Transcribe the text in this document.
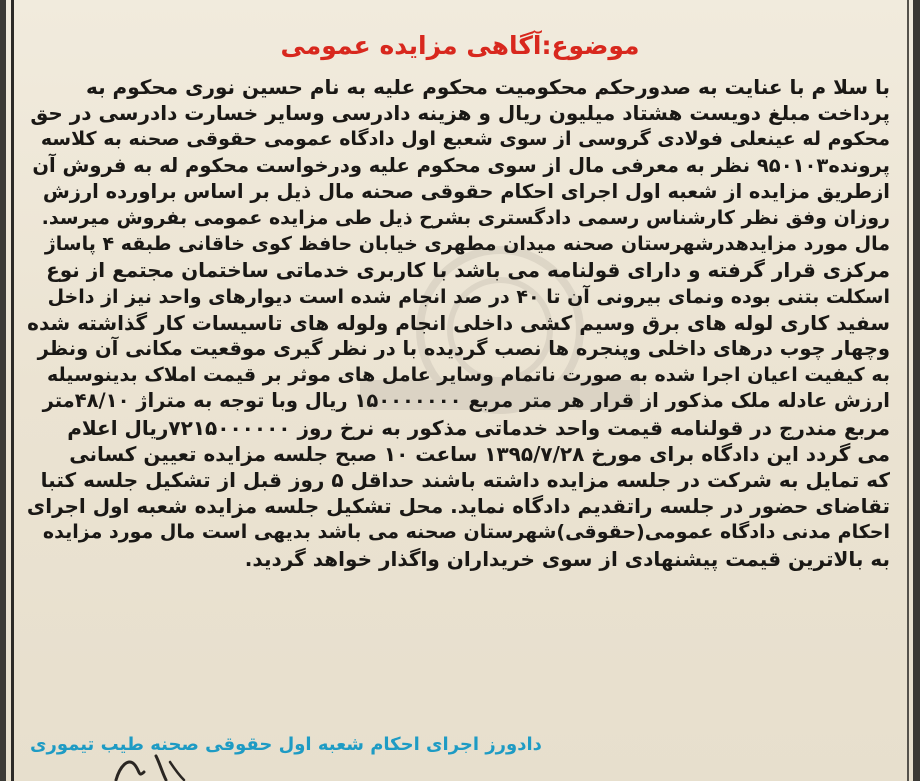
موضوع:آگاهی مزایده عمومی
با سلا م با عنایت به صدورحکم محکومیت محکوم علیه به نام حسین نوری محکوم به
پرداخت مبلغ دویست هشتاد میلیون ریال و هزینه دادرسی وسایر خسارت دادرسی در حق
محکوم له عینعلی فولادی گروسی از سوی شعبع اول دادگاه عمومی حقوقی صحنه به کلاسه
پرونده۹۵۰۱۰۳ نظر به معرفی مال از سوی محکوم علیه ودرخواست محکوم له به فروش آن
ازطریق مزایده از شعبه اول اجرای احکام حقوقی صحنه مال ذیل بر اساس براورده ارزش
روزان وفق نظر کارشناس رسمی دادگستری بشرح ذیل طی مزایده عمومی بفروش میرسد.
مال مورد مزایدهدرشهرستان صحنه میدان مطهری خیابان حافظ کوی خاقانی طبقه ۴ پاساژ
مرکزی قرار گرفته و دارای قولنامه می باشد با کاربری خدماتی ساختمان مجتمع از نوع
اسکلت بتنی بوده ونمای بیرونی آن تا ۴۰ در صد انجام شده است دیوارهای واحد نیز از داخل
سفید کاری لوله های برق وسیم کشی داخلی انجام ولوله های تاسیسات کار گذاشته شده
وچهار چوب درهای داخلی وپنجره ها نصب گردیده با در نظر گیری موقعیت مکانی آن ونظر
به کیفیت اعیان اجرا شده به صورت ناتمام وسایر عامل های موثر بر قیمت املاک بدینوسیله
ارزش عادله ملک مذکور از قرار هر متر مربع ۱۵۰۰۰۰۰۰۰ ریال وبا توجه به متراژ ۴۸/۱۰متر
مربع مندرج در قولنامه قیمت واحد خدماتی مذکور به نرخ روز ۷۲۱۵۰۰۰۰۰۰ریال اعلام
می گردد این دادگاه برای مورخ ۱۳۹۵/۷/۲۸ ساعت ۱۰ صبح جلسه مزایده تعیین کسانی
که تمایل به شرکت در جلسه مزایده داشته باشند حداقل ۵ روز قبل از تشکیل جلسه کتبا
تقاضای حضور در جلسه راتقدیم دادگاه نماید. محل تشکیل جلسه مزایده شعبه اول اجرای
احکام مدنی دادگاه عمومی(حقوقی)شهرستان صحنه می باشد بدیهی است مال مورد مزایده
به بالاترین قیمت پیشنهادی از سوی خریداران واگذار خواهد گردید.
دادورز اجرای احکام شعبه اول حقوقی صحنه طیب تیموری
